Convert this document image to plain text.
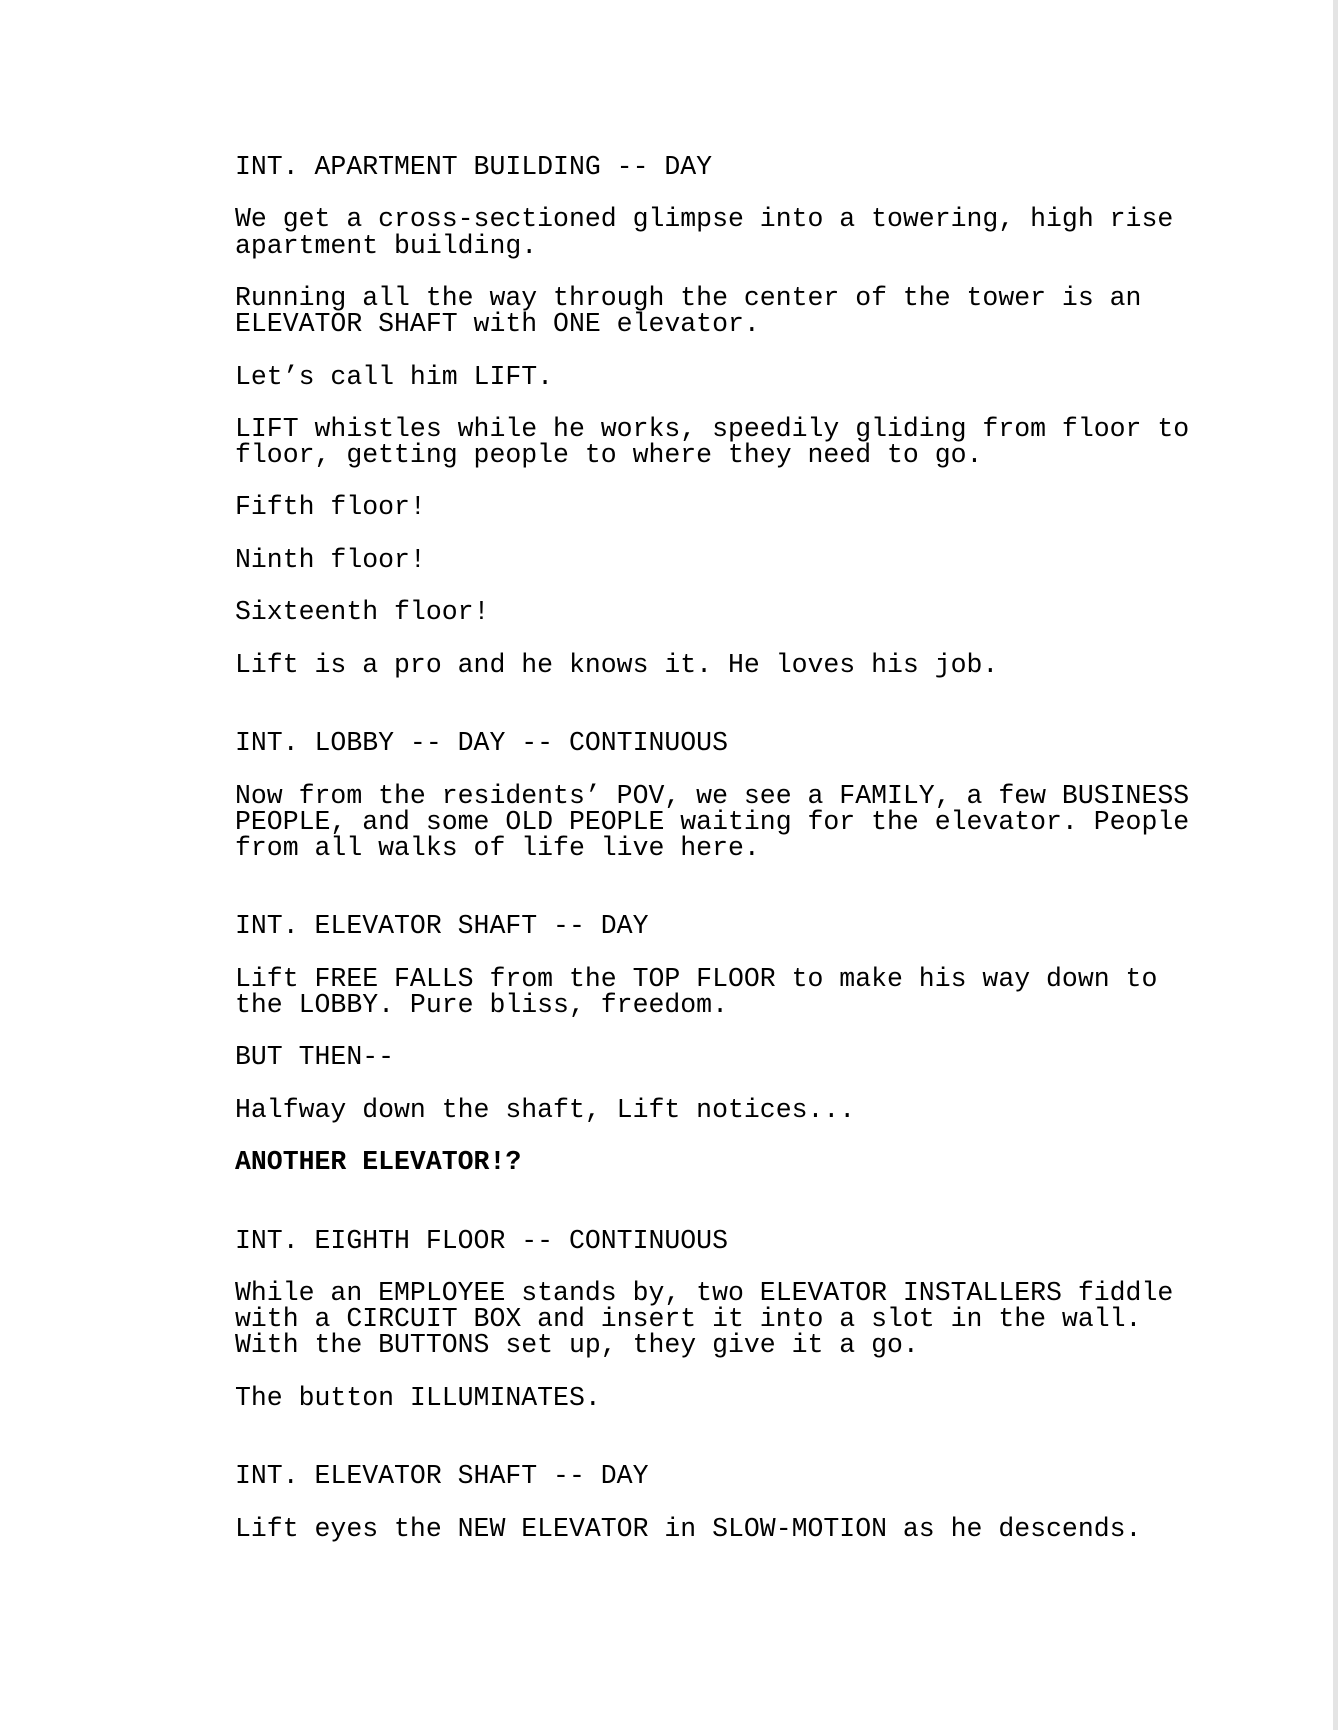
INT. APARTMENT BUILDING -- DAY
We get a cross-sectioned glimpse into a towering, high rise
apartment building.
Running all the way through the center of the tower is an
ELEVATOR SHAFT with ONE elevator.
Let’s call him LIFT.
LIFT whistles while he works, speedily gliding from floor to
floor, getting people to where they need to go.
Fifth floor!
Ninth floor!
Sixteenth floor!
Lift is a pro and he knows it. He loves his job.
INT. LOBBY -- DAY -- CONTINUOUS
Now from the residents’ POV, we see a FAMILY, a few BUSINESS
PEOPLE, and some OLD PEOPLE waiting for the elevator. People
from all walks of life live here.
INT. ELEVATOR SHAFT -- DAY
Lift FREE FALLS from the TOP FLOOR to make his way down to
the LOBBY. Pure bliss, freedom.
BUT THEN--
Halfway down the shaft, Lift notices...
ANOTHER ELEVATOR!?
INT. EIGHTH FLOOR -- CONTINUOUS
While an EMPLOYEE stands by, two ELEVATOR INSTALLERS fiddle
with a CIRCUIT BOX and insert it into a slot in the wall.
With the BUTTONS set up, they give it a go.
The button ILLUMINATES.
INT. ELEVATOR SHAFT -- DAY
Lift eyes the NEW ELEVATOR in SLOW-MOTION as he descends.
